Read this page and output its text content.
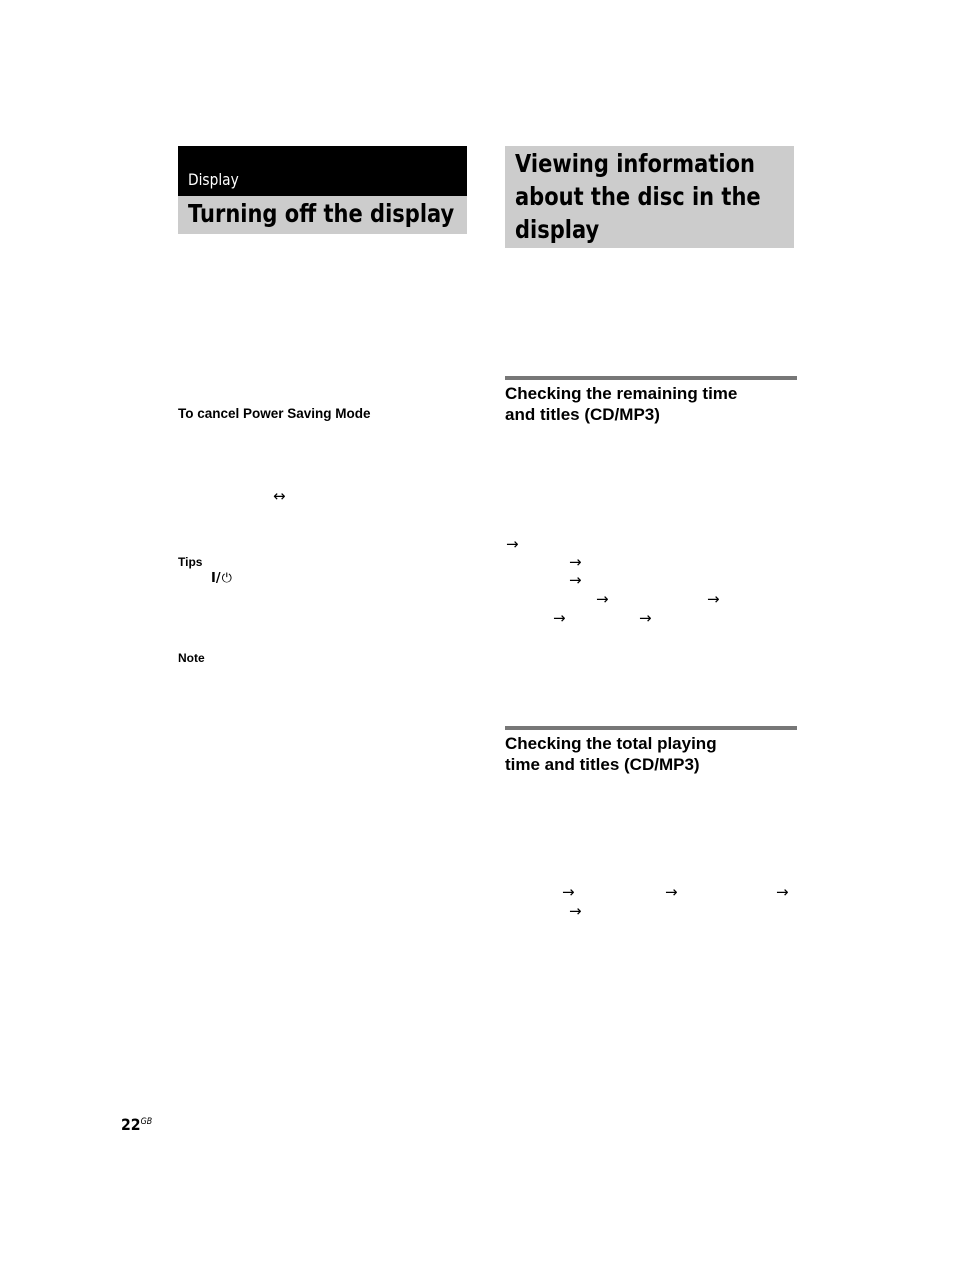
Display
Turning off the display
To cancel Power Saving Mode
↔
Tips
I/ ⏻
Note
Viewing information
about the disc in the
display
Checking the remaining time
and titles (CD/MP3)
→
→
→
→	→
→	→
Checking the total playing
time and titles (CD/MP3)
→	→	→
→
$22^{GB}$
